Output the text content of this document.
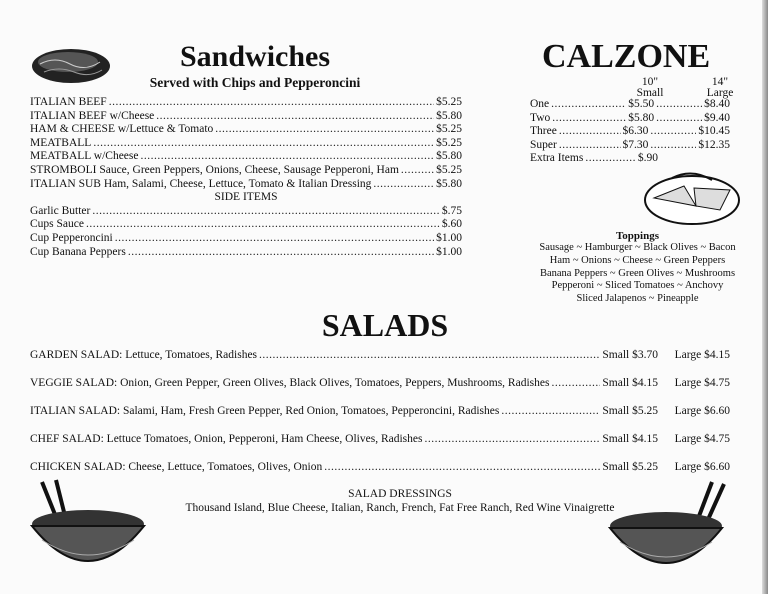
Sandwiches
Served with Chips and Pepperoncini
ITALIAN BEEF .....	$5.25
ITALIAN BEEF w/Cheese .....	$5.80
HAM & CHEESE w/Lettuce & Tomato .....	$5.25
MEATBALL .....	$5.25
MEATBALL w/Cheese .....	$5.80
STROMBOLI Sauce, Green Peppers, Onions, Cheese, Sausage Pepperoni, Ham .....	$5.25
ITALIAN SUB Ham, Salami, Cheese, Lettuce, Tomato & Italian Dressing .....	$5.80
SIDE ITEMS
Garlic Butter .....	$.75
Cups Sauce .....	$.60
Cup Pepperoncini .....	$1.00
Cup Banana Peppers .....	$1.00
CALZONE
10"
Small
14"
Large
One .....	$5.50 .....	$8.40
Two .....	$5.80 .....	$9.40
Three .....	$6.30 .....	$10.45
Super .....	$7.30 .....	$12.35
Extra Items .....	$.90
Toppings
Sausage ~ Hamburger ~ Black Olives ~ Bacon
Ham ~ Onions ~ Cheese ~ Green Peppers
Banana Peppers ~ Green Olives ~ Mushrooms
Pepperoni ~ Sliced Tomatoes ~ Anchovy
Sliced Jalapenos ~ Pineapple
SALADS
GARDEN SALAD: Lettuce, Tomatoes, Radishes .....	Small $3.70	Large $4.15
VEGGIE SALAD: Onion, Green Pepper, Green Olives, Black Olives, Tomatoes, Peppers, Mushrooms, Radishes .....	Small $4.15	Large $4.75
ITALIAN SALAD: Salami, Ham, Fresh Green Pepper, Red Onion, Tomatoes, Pepperoncini, Radishes .....	Small $5.25	Large $6.60
CHEF SALAD: Lettuce Tomatoes, Onion, Pepperoni, Ham Cheese, Olives, Radishes .....	Small $4.15	Large $4.75
CHICKEN SALAD: Cheese, Lettuce, Tomatoes, Olives, Onion .....	Small $5.25	Large $6.60
SALAD DRESSINGS
Thousand Island, Blue Cheese, Italian, Ranch, French, Fat Free Ranch, Red Wine Vinaigrette
